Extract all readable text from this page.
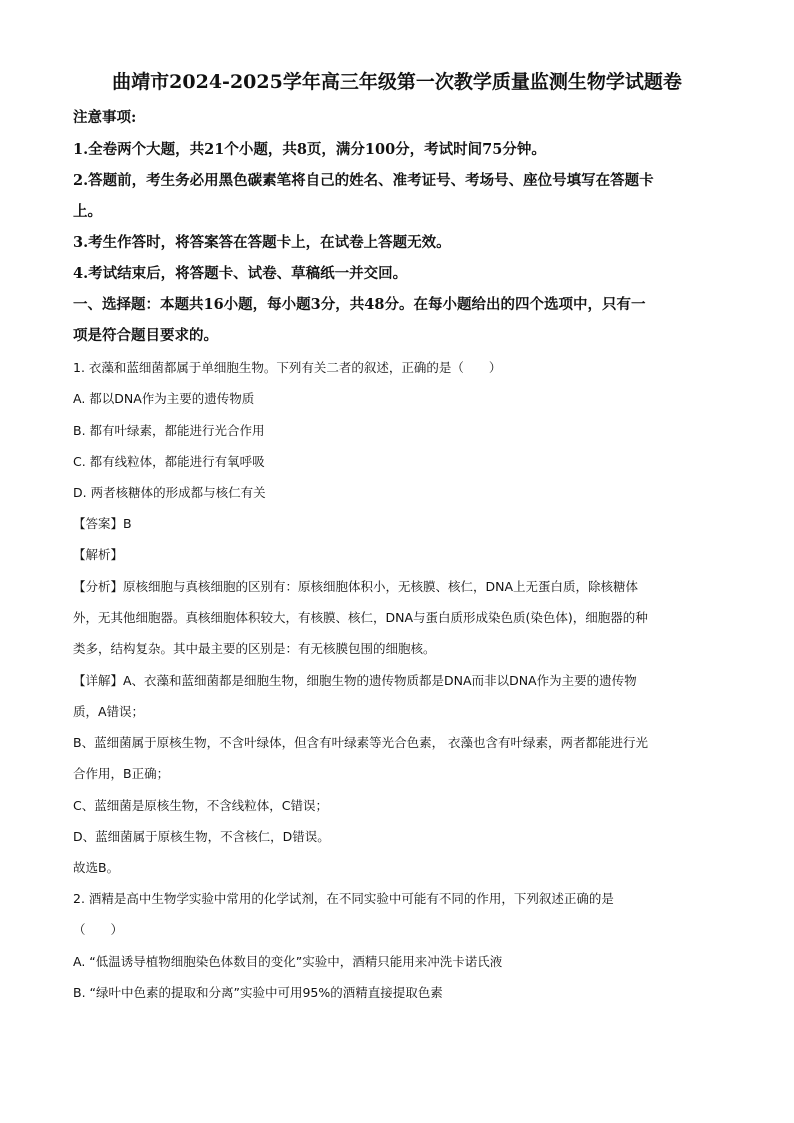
曲靖市2024-2025学年高三年级第一次教学质量监测生物学试题卷
注意事项:
1.全卷两个大题，共21个小题，共8页，满分100分，考试时间75分钟。
2.答题前，考生务必用黑色碳素笔将自己的姓名、准考证号、考场号、座位号填写在答题卡
上。
3.考生作答时，将答案答在答题卡上，在试卷上答题无效。
4.考试结束后，将答题卡、试卷、草稿纸一并交回。
一、选择题：本题共16小题，每小题3分，共48分。在每小题给出的四个选项中，只有一
项是符合题目要求的。
1. 衣藻和蓝细菌都属于单细胞生物。下列有关二者的叙述，正确的是（　　）
A. 都以DNA作为主要的遗传物质
B. 都有叶绿素，都能进行光合作用
C. 都有线粒体，都能进行有氧呼吸
D. 两者核糖体的形成都与核仁有关
【答案】B
【解析】
【分析】原核细胞与真核细胞的区别有：原核细胞体积小，无核膜、核仁，DNA上无蛋白质，除核糖体
外，无其他细胞器。真核细胞体积较大，有核膜、核仁，DNA与蛋白质形成染色质(染色体)，细胞器的种
类多，结构复杂。其中最主要的区别是：有无核膜包围的细胞核。
【详解】A、衣藻和蓝细菌都是细胞生物，细胞生物的遗传物质都是DNA而非以DNA作为主要的遗传物
质，A错误；
B、蓝细菌属于原核生物，不含叶绿体，但含有叶绿素等光合色素， 衣藻也含有叶绿素，两者都能进行光
合作用，B正确；
C、蓝细菌是原核生物，不含线粒体，C错误；
D、蓝细菌属于原核生物，不含核仁，D错误。
故选B。
2. 酒精是高中生物学实验中常用的化学试剂，在不同实验中可能有不同的作用，下列叙述正确的是
（　　）
A. “低温诱导植物细胞染色体数目的变化”实验中，酒精只能用来冲洗卡诺氏液
B. “绿叶中色素的提取和分离”实验中可用95%的酒精直接提取色素
